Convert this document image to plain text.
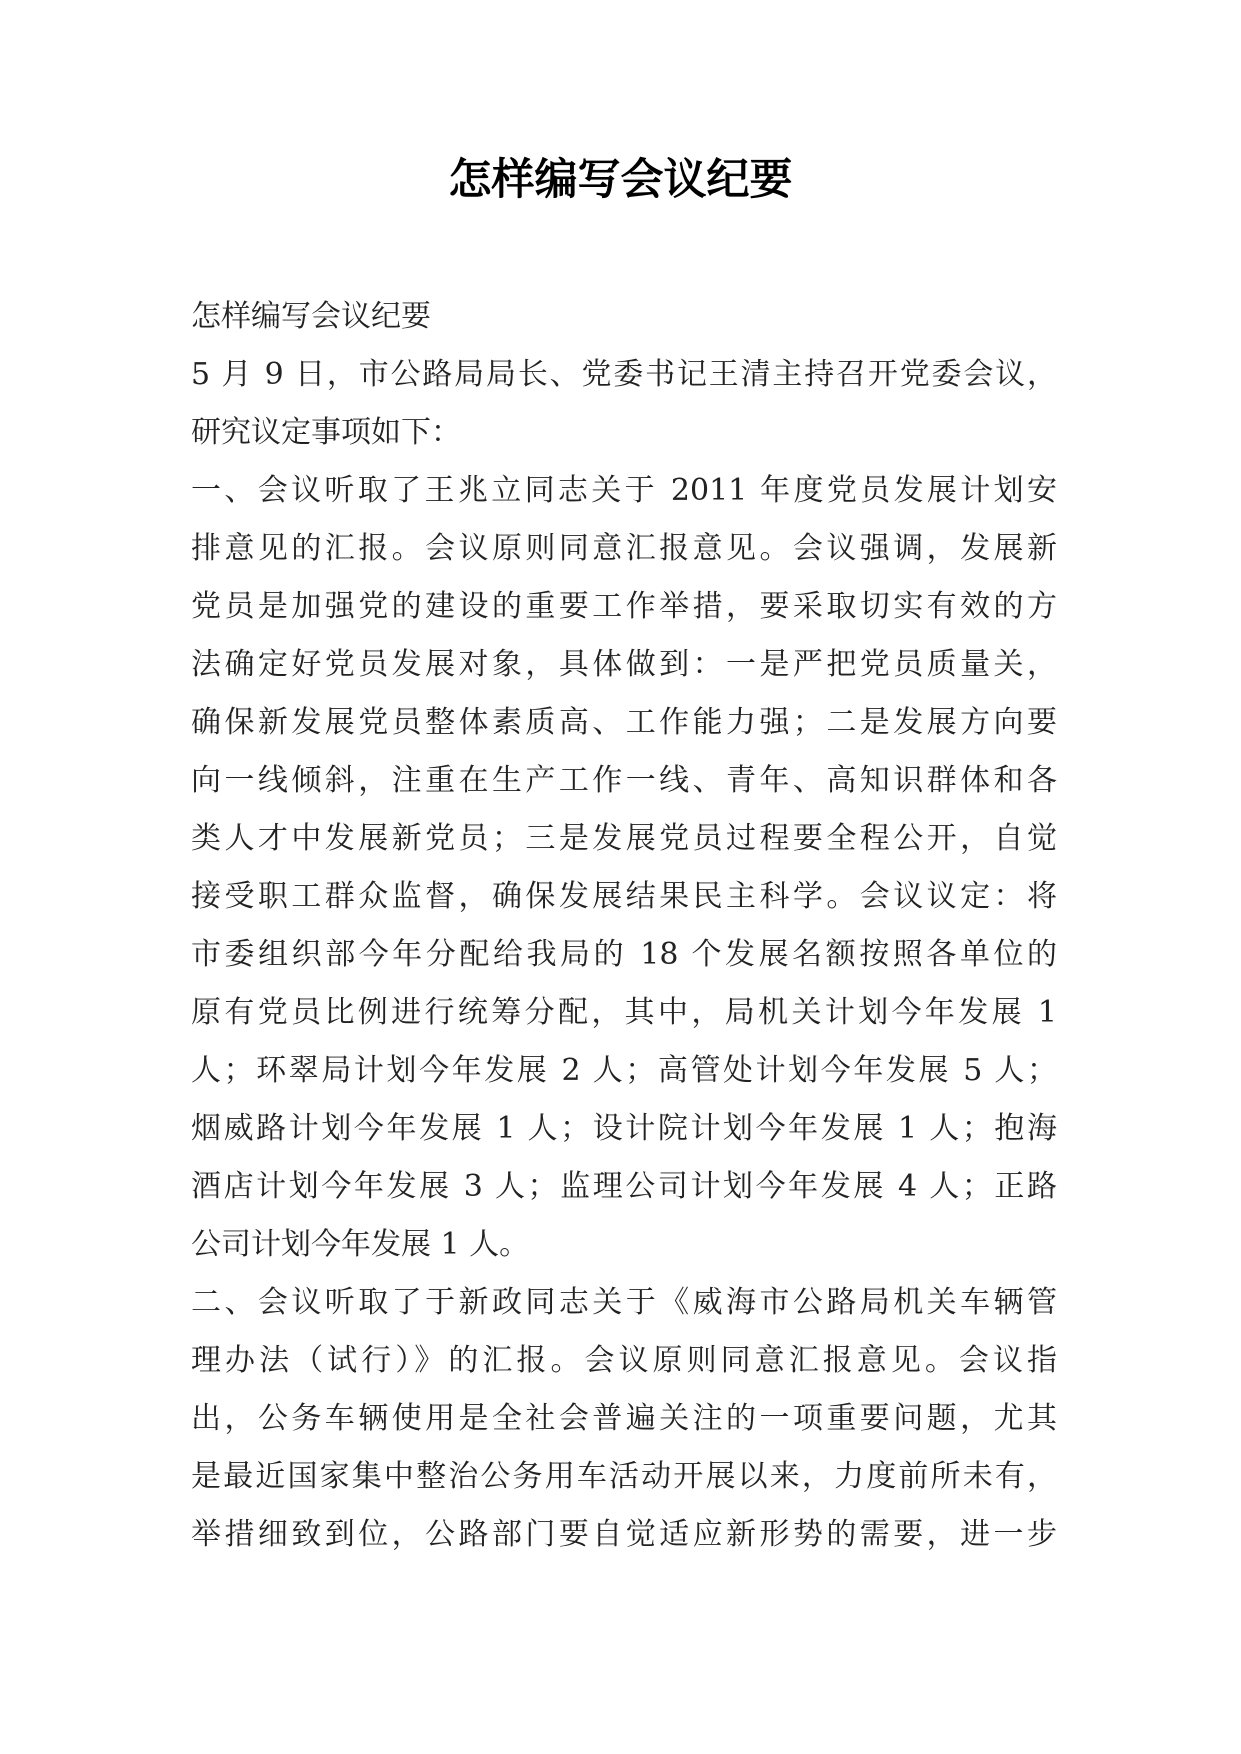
怎样编写会议纪要
怎样编写会议纪要
5 月 9 日，市公路局局长、党委书记王清主持召开党委会议，
研究议定事项如下：
一、会议听取了王兆立同志关于 2011 年度党员发展计划安
排意见的汇报。会议原则同意汇报意见。会议强调，发展新
党员是加强党的建设的重要工作举措，要采取切实有效的方
法确定好党员发展对象，具体做到：一是严把党员质量关，
确保新发展党员整体素质高、工作能力强；二是发展方向要
向一线倾斜，注重在生产工作一线、青年、高知识群体和各
类人才中发展新党员；三是发展党员过程要全程公开，自觉
接受职工群众监督，确保发展结果民主科学。会议议定：将
市委组织部今年分配给我局的 18 个发展名额按照各单位的
原有党员比例进行统筹分配，其中，局机关计划今年发展 1
人；环翠局计划今年发展 2 人；高管处计划今年发展 5 人；
烟威路计划今年发展 1 人；设计院计划今年发展 1 人；抱海
酒店计划今年发展 3 人；监理公司计划今年发展 4 人；正路
公司计划今年发展 1 人。
二、会议听取了于新政同志关于《威海市公路局机关车辆管
理办法（试行）》的汇报。会议原则同意汇报意见。会议指
出，公务车辆使用是全社会普遍关注的一项重要问题，尤其
是最近国家集中整治公务用车活动开展以来，力度前所未有，
举措细致到位，公路部门要自觉适应新形势的需要，进一步
